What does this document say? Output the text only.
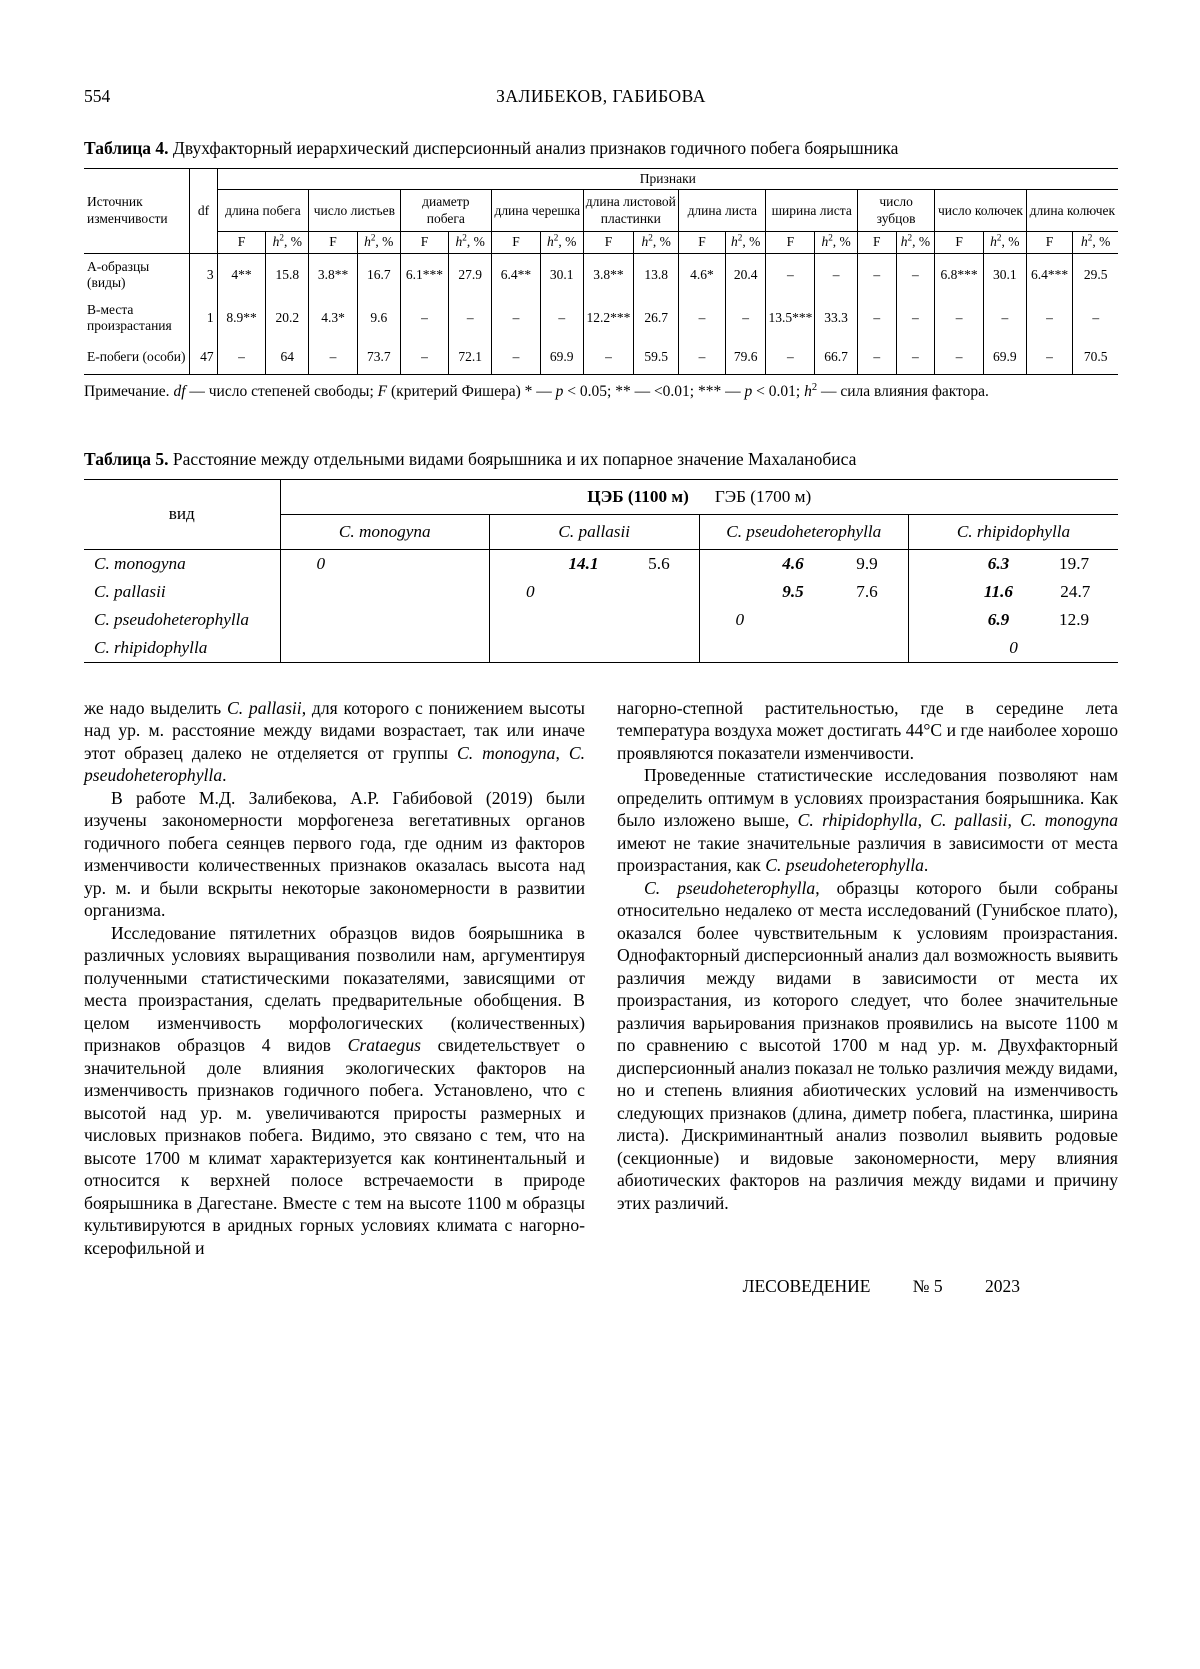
554	ЗАЛИБЕКОВ, ГАБИБОВА
Таблица 4. Двухфакторный иерархический дисперсионный анализ признаков годичного побега боярышника
Источник изменчивости	df	Признаки																			
		длина побега		число листьев		диаметр побега		длина черешка		длина листовой пластинки		длина листа		ширина листа		число зубцов		число колючек		длина колючек	
		F	$h^2$, %	F	$h^2$, %	F	$h^2$, %	F	$h^2$, %	F	$h^2$, %	F	$h^2$, %	F	$h^2$, %	F	$h^2$, %	F	$h^2$, %	F	$h^2$, %
А-образцы (виды)	3	4**	15.8	3.8**	16.7	6.1***	27.9	6.4**	30.1	3.8**	13.8	4.6*	20.4	–	–	–	–	6.8***	30.1	6.4***	29.5
В-места произрастания	1	8.9**	20.2	4.3*	9.6	–	–	–	–	12.2***	26.7	–	–	13.5***	33.3	–	–	–	–	–	–
Е-побеги (особи)	47	–	64	–	73.7	–	72.1	–	69.9	–	59.5	–	79.6	–	66.7	–	–	–	69.9	–	70.5
Примечание. df — число степеней свободы; F (критерий Фишера) * — p < 0.05; ** — <0.01; *** — p < 0.01; $h^2$ — сила влияния фактора.
Таблица 5. Расстояние между отдельными видами боярышника и их попарное значение Махаланобиса
вид	ЦЭБ (1100 м) ГЭБ (1700 м)			
	C. monogyna	C. pallasii	C. pseudoheterophylla	C. rhipidophylla
C. monogyna	0	14.1 5.6	4.6 9.9	6.3 19.7

C. pallasii		0	9.5 7.6	11.6 24.7

C. pseudoheterophylla			0	6.9 12.9

C. rhipidophylla				0

же надо выделить C. pallasii, для которого с понижением высоты над ур. м. расстояние между видами возрастает, так или иначе этот образец далеко не отделяется от группы C. monogyna, C. pseudoheterophylla.

В работе М.Д. Залибекова, А.Р. Габибовой (2019) были изучены закономерности морфогенеза вегетативных органов годичного побега сеянцев первого года, где одним из факторов изменчивости количественных признаков оказалась высота над ур. м. и были вскрыты некоторые закономерности в развитии организма.

Исследование пятилетних образцов видов боярышника в различных условиях выращивания позволили нам, аргументируя полученными статистическими показателями, зависящими от места произрастания, сделать предварительные обобщения. В целом изменчивость морфологических (количественных) признаков образцов 4 видов Crataegus свидетельствует о значительной доле влияния экологических факторов на изменчивость признаков годичного побега. Установлено, что с высотой над ур. м. увеличиваются приросты размерных и числовых признаков побега. Видимо, это связано с тем, что на высоте 1700 м климат характеризуется как континентальный и относится к верхней полосе встречаемости в природе боярышника в Дагестане. Вместе с тем на высоте 1100 м образцы культивируются в аридных горных условиях климата с нагорно-ксерофильной и

нагорно-степной растительностью, где в середине лета температура воздуха может достигать 44°С и где наиболее хорошо проявляются показатели изменчивости.

Проведенные статистические исследования позволяют нам определить оптимум в условиях произрастания боярышника. Как было изложено выше, C. rhipidophylla, C. pallasii, C. monogyna имеют не такие значительные различия в зависимости от места произрастания, как C. pseudoheterophylla.

C. pseudoheterophylla, образцы которого были собраны относительно недалеко от места исследований (Гунибское плато), оказался более чувствительным к условиям произрастания. Однофакторный дисперсионный анализ дал возможность выявить различия между видами в зависимости от места их произрастания, из которого следует, что более значительные различия варьирования признаков проявились на высоте 1100 м по сравнению с высотой 1700 м над ур. м. Двухфакторный дисперсионный анализ показал не только различия между видами, но и степень влияния абиотических условий на изменчивость следующих признаков (длина, диметр побега, пластинка, ширина листа). Дискриминантный анализ позволил выявить родовые (секционные) и видовые закономерности, меру влияния абиотических факторов на различия между видами и причину этих различий.

ЛЕСОВЕДЕНИЕ № 5 2023
